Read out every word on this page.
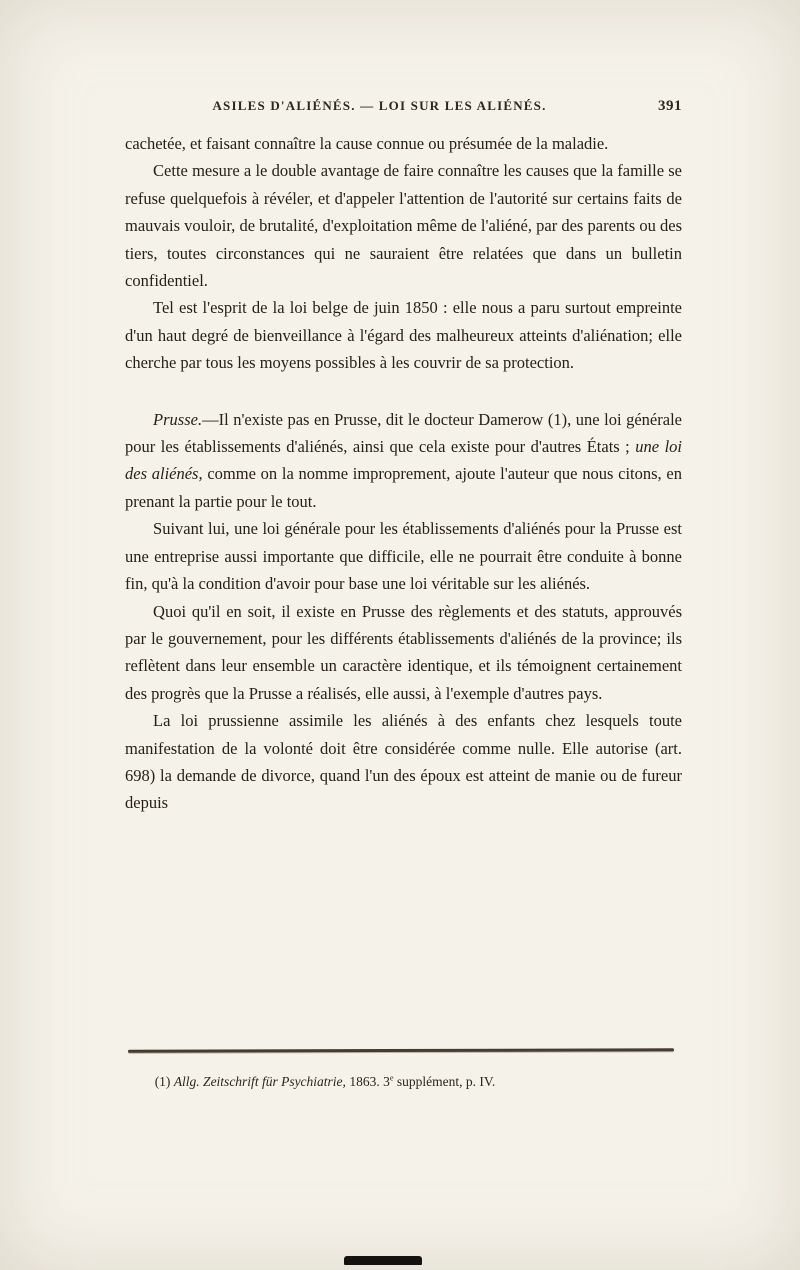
ASILES D'ALIÉNÉS. — LOI SUR LES ALIÉNÉS.	391

cachetée, et faisant connaître la cause connue ou présumée de la maladie.

Cette mesure a le double avantage de faire connaître les causes que la famille se refuse quelquefois à révéler, et d'appeler l'attention de l'autorité sur certains faits de mauvais vouloir, de brutalité, d'exploitation même de l'aliéné, par des parents ou des tiers, toutes circonstances qui ne sauraient être relatées que dans un bulletin confidentiel.

Tel est l'esprit de la loi belge de juin 1850 : elle nous a paru surtout empreinte d'un haut degré de bienveillance à l'égard des malheureux atteints d'aliénation; elle cherche par tous les moyens possibles à les couvrir de sa protection.

Prusse.—Il n'existe pas en Prusse, dit le docteur Damerow (1), une loi générale pour les établissements d'aliénés, ainsi que cela existe pour d'autres États ; une loi des aliénés, comme on la nomme improprement, ajoute l'auteur que nous citons, en prenant la partie pour le tout.

Suivant lui, une loi générale pour les établissements d'aliénés pour la Prusse est une entreprise aussi importante que difficile, elle ne pourrait être conduite à bonne fin, qu'à la condition d'avoir pour base une loi véritable sur les aliénés.

Quoi qu'il en soit, il existe en Prusse des règlements et des statuts, approuvés par le gouvernement, pour les différents établissements d'aliénés de la province; ils reflètent dans leur ensemble un caractère identique, et ils témoignent certainement des progrès que la Prusse a réalisés, elle aussi, à l'exemple d'autres pays.

La loi prussienne assimile les aliénés à des enfants chez lesquels toute manifestation de la volonté doit être considérée comme nulle. Elle autorise (art. 698) la demande de divorce, quand l'un des époux est atteint de manie ou de fureur depuis

(1) Allg. Zeitschrift für Psychiatrie, 1863. 3e supplément, p. IV.
